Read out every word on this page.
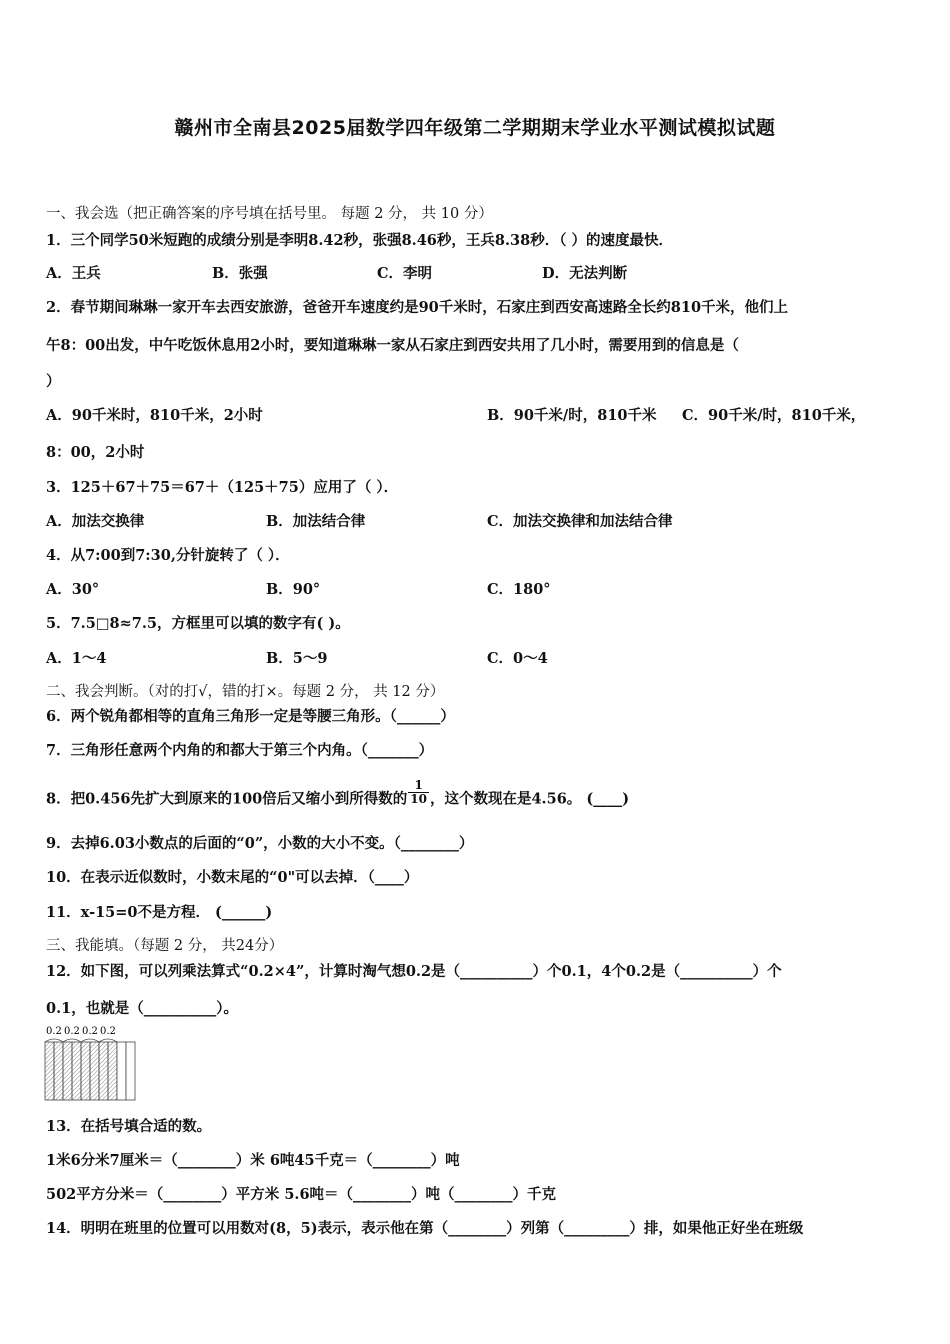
赣州市全南县2025届数学四年级第二学期期末学业水平测试模拟试题
一、我会选（把正确答案的序号填在括号里。 每题 2 分， 共 10 分）
1．三个同学50米短跑的成绩分别是李明8.42秒，张强8.46秒，王兵8.38秒．（ ）的速度最快．
A．王兵	B．张强	C．李明	D．无法判断
2．春节期间琳琳一家开车去西安旅游，爸爸开车速度约是90千米时，石家庄到西安高速路全长约810千米，他们上
午8：00出发，中午吃饭休息用2小时，要知道琳琳一家从石家庄到西安共用了几小时，需要用到的信息是（
）
A．90千米时，810千米，2小时	B．90千米/时，810千米 C．90千米/时，810千米，
8：00，2小时
3．125＋67＋75＝67＋（125＋75）应用了（ ）．
A．加法交换律	B．加法结合律	C．加法交换律和加法结合律
4．从7:00到7:30,分针旋转了（ ）．
A．30°	B．90°	C．180°
5．7.5□8≈7.5，方框里可以填的数字有( )。
A．1～4	B．5～9	C．0～4
二、我会判断。（对的打√，错的打×。每题 2 分， 共 12 分）
6．两个锐角都相等的直角三角形一定是等腰三角形。（______）
7．三角形任意两个内角的和都大于第三个内角。（_______）
8．把0.456先扩大到原来的100倍后又缩小到所得数的 $\frac{1}{10}$ ，这个数现在是4.56。 (____)
9．去掉6.03小数点的后面的“0”，小数的大小不变。（________）
10．在表示近似数时，小数末尾的“0"可以去掉．（____）
11．x-15=0不是方程． (______)
三、我能填。（每题 2 分， 共24分）
12．如下图，可以列乘法算式“0.2×4”，计算时淘气想0.2是（__________）个0.1，4个0.2是（__________）个
0.1，也就是（__________）。
0.2 0.2 0.2 0.2
13．在括号填合适的数。
1米6分米7厘米＝（________）米 6吨45千克＝（________）吨
502平方分米＝（________）平方米 5.6吨＝（________）吨（________）千克
14．明明在班里的位置可以用数对(8，5)表示，表示他在第（________）列第（_________）排，如果他正好坐在班级
